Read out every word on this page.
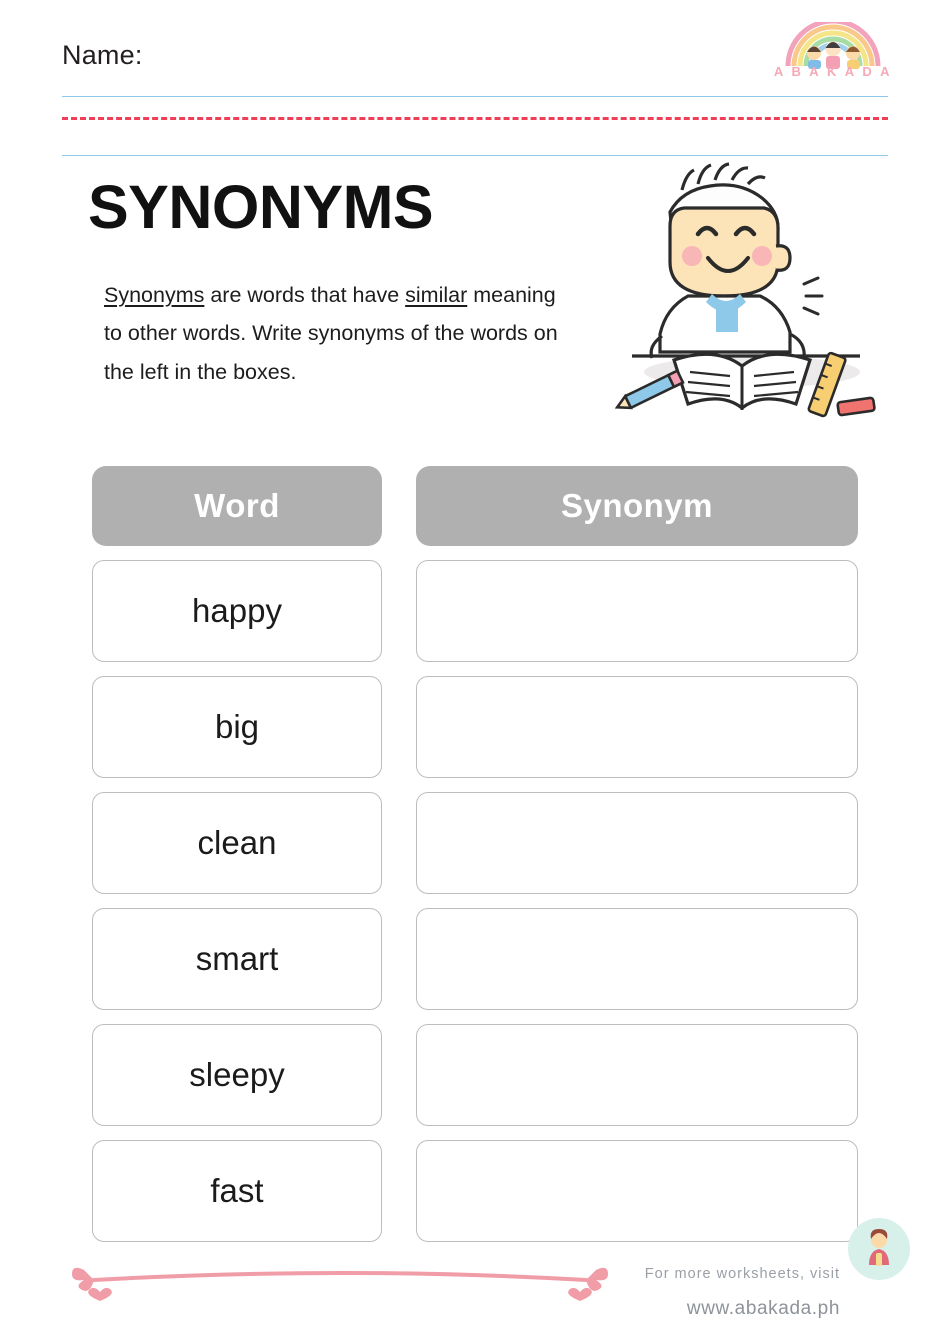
Name:
A B A K A D A
SYNONYMS
Synonyms are words that have similar meaning to other words. Write synonyms of the words on the left in the boxes.
Word	Synonym
happy
big
clean
smart
sleepy
fast
For more worksheets, visit
www.abakada.ph
